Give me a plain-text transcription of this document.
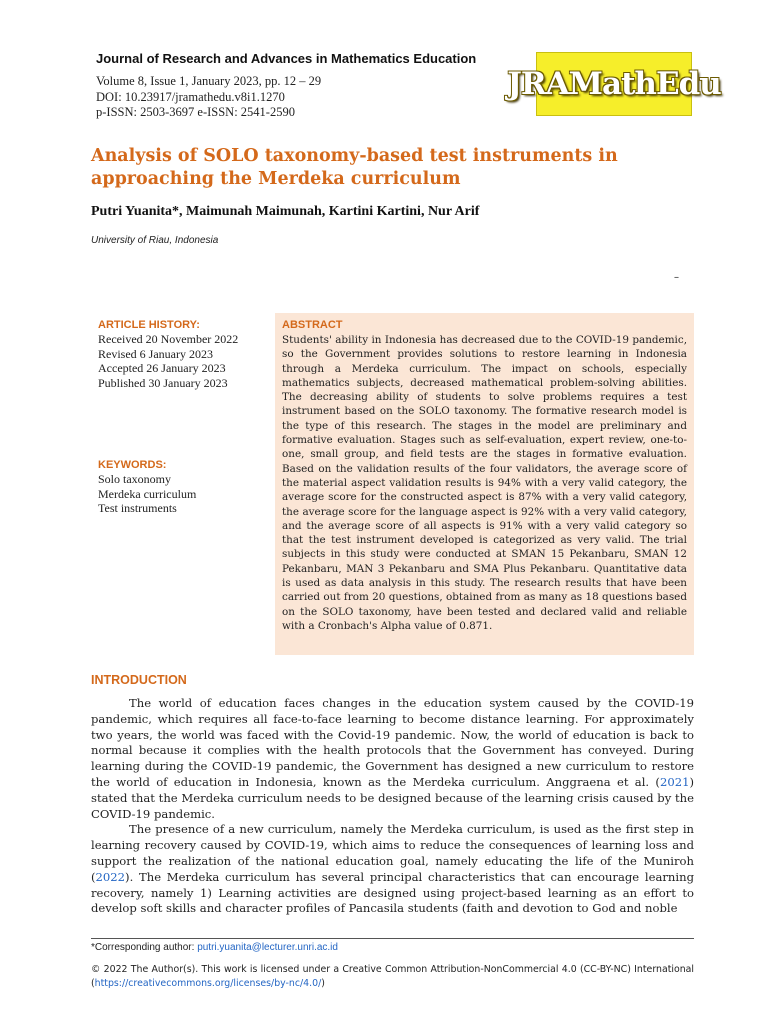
Journal of Research and Advances in Mathematics Education
Volume 8, Issue 1, January 2023, pp. 12 – 29
DOI: 10.23917/jramathedu.v8i1.1270
p-ISSN: 2503-3697 e-ISSN: 2541-2590
JRAMathEdu
Analysis of SOLO taxonomy-based test instruments in approaching the Merdeka curriculum
Putri Yuanita*, Maimunah Maimunah, Kartini Kartini, Nur Arif
University of Riau, Indonesia
–
ARTICLE HISTORY:
Received 20 November 2022
Revised 6 January 2023
Accepted 26 January 2023
Published 30 January 2023
KEYWORDS:
Solo taxonomy
Merdeka curriculum
Test instruments
ABSTRACT
Students' ability in Indonesia has decreased due to the COVID-19 pandemic, so the Government provides solutions to restore learning in Indonesia through a Merdeka curriculum. The impact on schools, especially mathematics subjects, decreased mathematical problem-solving abilities. The decreasing ability of students to solve problems requires a test instrument based on the SOLO taxonomy. The formative research model is the type of this research. The stages in the model are preliminary and formative evaluation. Stages such as self-evaluation, expert review, one-to-one, small group, and field tests are the stages in formative evaluation. Based on the validation results of the four validators, the average score of the material aspect validation results is 94% with a very valid category, the average score for the constructed aspect is 87% with a very valid category, the average score for the language aspect is 92% with a very valid category, and the average score of all aspects is 91% with a very valid category so that the test instrument developed is categorized as very valid. The trial subjects in this study were conducted at SMAN 15 Pekanbaru, SMAN 12 Pekanbaru, MAN 3 Pekanbaru and SMA Plus Pekanbaru. Quantitative data is used as data analysis in this study. The research results that have been carried out from 20 questions, obtained from as many as 18 questions based on the SOLO taxonomy, have been tested and declared valid and reliable with a Cronbach's Alpha value of 0.871.
INTRODUCTION

The world of education faces changes in the education system caused by the COVID-19 pandemic, which requires all face-to-face learning to become distance learning. For approximately two years, the world was faced with the Covid-19 pandemic. Now, the world of education is back to normal because it complies with the health protocols that the Government has conveyed. During learning during the COVID-19 pandemic, the Government has designed a new curriculum to restore the world of education in Indonesia, known as the Merdeka curriculum. Anggraena et al. (2021) stated that the Merdeka curriculum needs to be designed because of the learning crisis caused by the COVID-19 pandemic.

The presence of a new curriculum, namely the Merdeka curriculum, is used as the first step in learning recovery caused by COVID-19, which aims to reduce the consequences of learning loss and support the realization of the national education goal, namely educating the life of the Muniroh (2022). The Merdeka curriculum has several principal characteristics that can encourage learning recovery, namely 1) Learning activities are designed using project-based learning as an effort to develop soft skills and character profiles of Pancasila students (faith and devotion to God and noble

*Corresponding author: putri.yuanita@lecturer.unri.ac.id
© 2022 The Author(s). This work is licensed under a Creative Common Attribution-NonCommercial 4.0 (CC-BY-NC) International (https://creativecommons.org/licenses/by-nc/4.0/)
